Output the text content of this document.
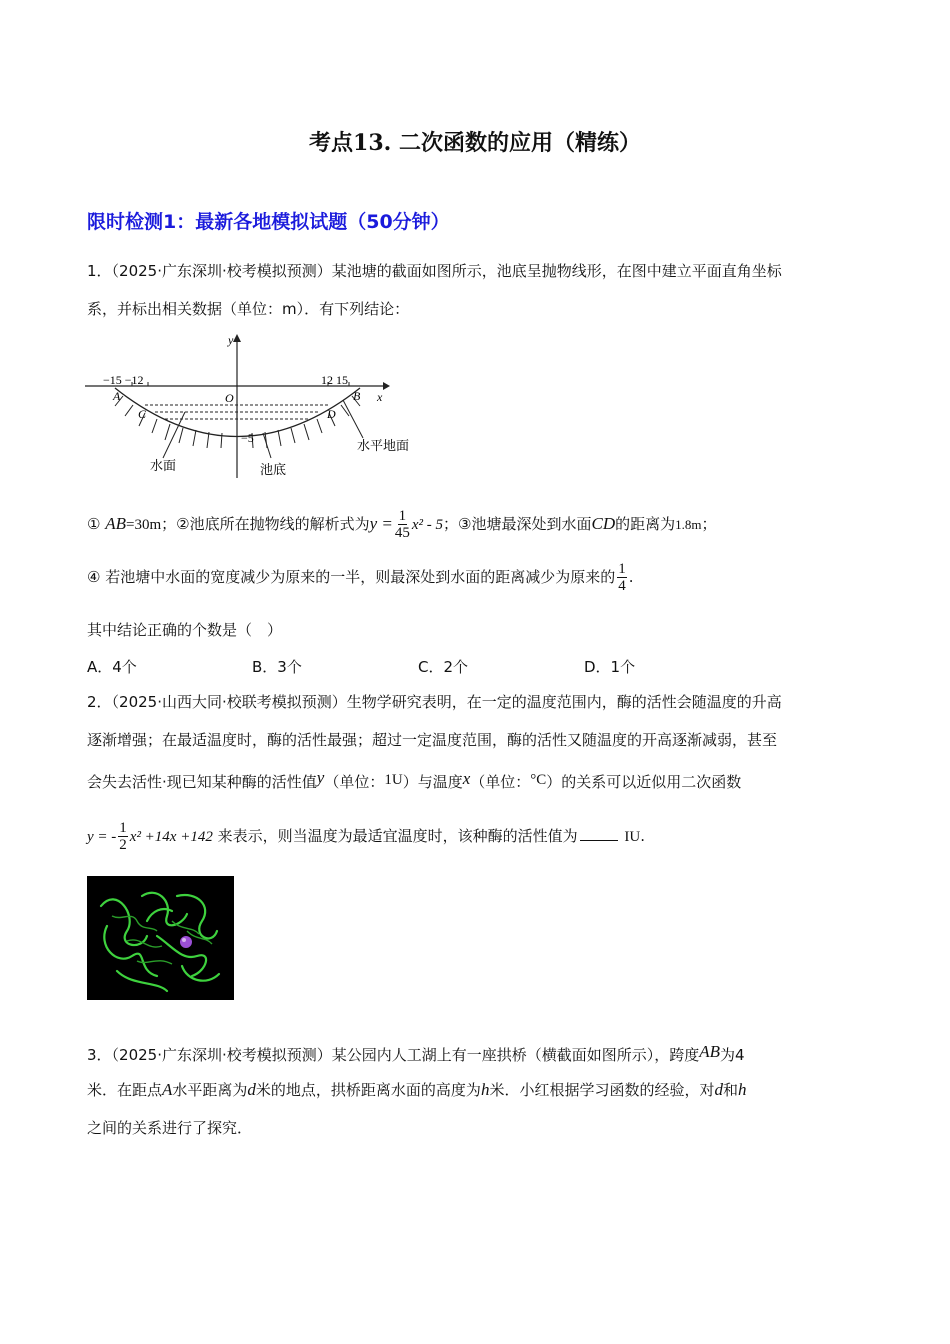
考点13. 二次函数的应用（精练）
限时检测1：最新各地模拟试题（50分钟）
1．（2025·广东深圳·校考模拟预测）某池塘的截面如图所示，池底呈抛物线形，在图中建立平面直角坐标
系，并标出相关数据（单位：m）．有下列结论：
−15 −12	12 15
y
x
O
A	B
C	D
−5
水面	池底
水平地面
① AB=30m；②池底所在抛物线的解析式为$y = \frac{1}{45} x^2 - 5$；③池塘最深处到水面CD的距离为1.8m；
④ 若池塘中水面的宽度减少为原来的一半，则最深处到水面的距离减少为原来的 $\frac{1}{4}$ .
其中结论正确的个数是（　）
A．4个	B．3个	C．2个	D．1个
2．（2025·山西大同·校联考模拟预测）生物学研究表明，在一定的温度范围内，酶的活性会随温度的升高
逐渐增强；在最适温度时，酶的活性最强；超过一定温度范围，酶的活性又随温度的开高逐渐减弱，甚至
会失去活性·现已知某种酶的活性值y（单位：1U）与温度x（单位：°C）的关系可以近似用二次函数
y = - $\frac{1}{2} x^2 +14x +142$ 来表示，则当温度为最适宜温度时，该种酶的活性值为	IU.
3．（2025·广东深圳·校考模拟预测）某公园内人工湖上有一座拱桥（横截面如图所示），跨度AB为4
米．在距点A水平距离为d米的地点，拱桥距离水面的高度为h米．小红根据学习函数的经验，对d和h
之间的关系进行了探究．
